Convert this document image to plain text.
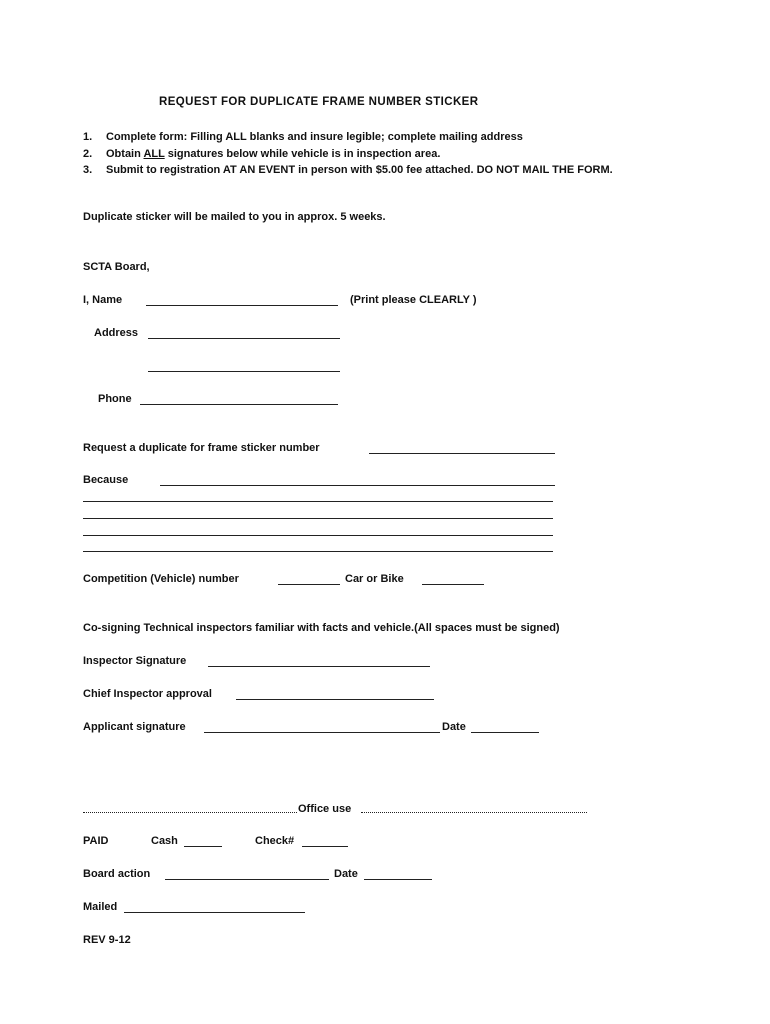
REQUEST FOR DUPLICATE FRAME NUMBER STICKER
1. Complete form: Filling ALL blanks and insure legible; complete mailing address
2. Obtain ALL signatures below while vehicle is in inspection area.
3. Submit to registration AT AN EVENT in person with $5.00 fee attached. DO NOT MAIL THE FORM.
Duplicate sticker will be mailed to you in approx. 5 weeks.
SCTA Board,
I, Name	(Print please CLEARLY )
Address
Phone
Request a duplicate for frame sticker number
Because
Competition (Vehicle) number	Car or Bike
Co-signing Technical inspectors familiar with facts and vehicle.(All spaces must be signed)
Inspector Signature
Chief Inspector approval
Applicant signature	Date
Office use
PAID	Cash	Check#
Board action	Date
Mailed
REV 9-12
